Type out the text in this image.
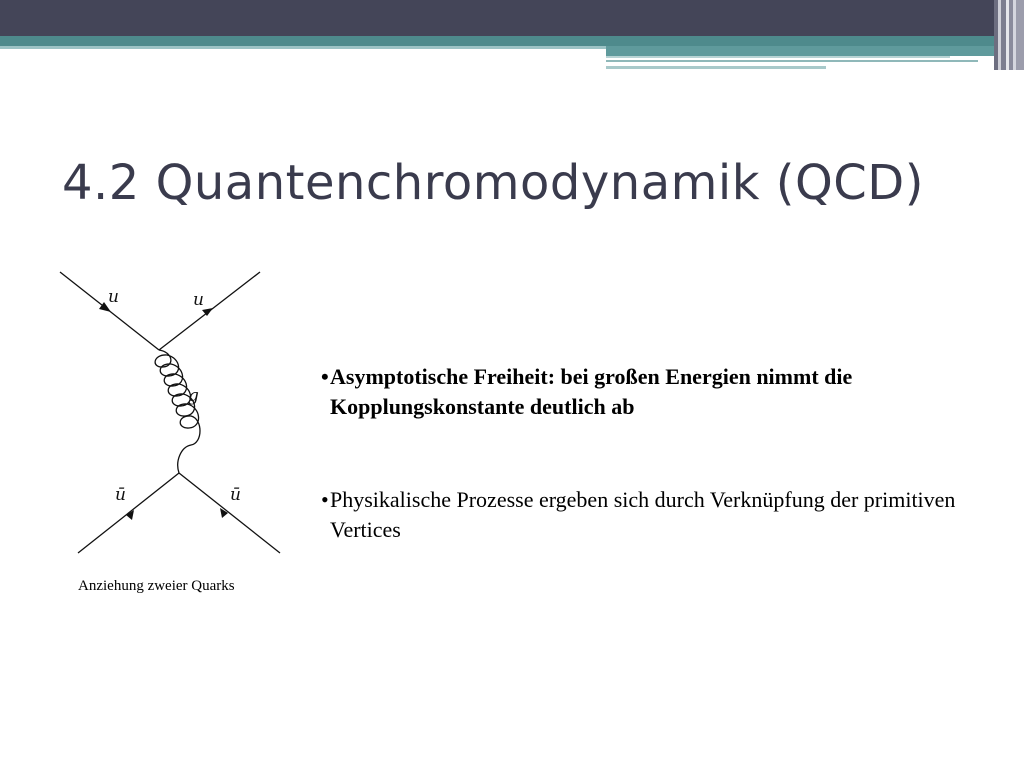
4.2 Quantenchromodynamik (QCD)
u	u
g
ū	ū

Anziehung zweier Quarks

•Asymptotische Freiheit: bei großen Energien nimmt die Kopplungskonstante deutlich ab
•Physikalische Prozesse ergeben sich durch Verknüpfung der primitiven Vertices
